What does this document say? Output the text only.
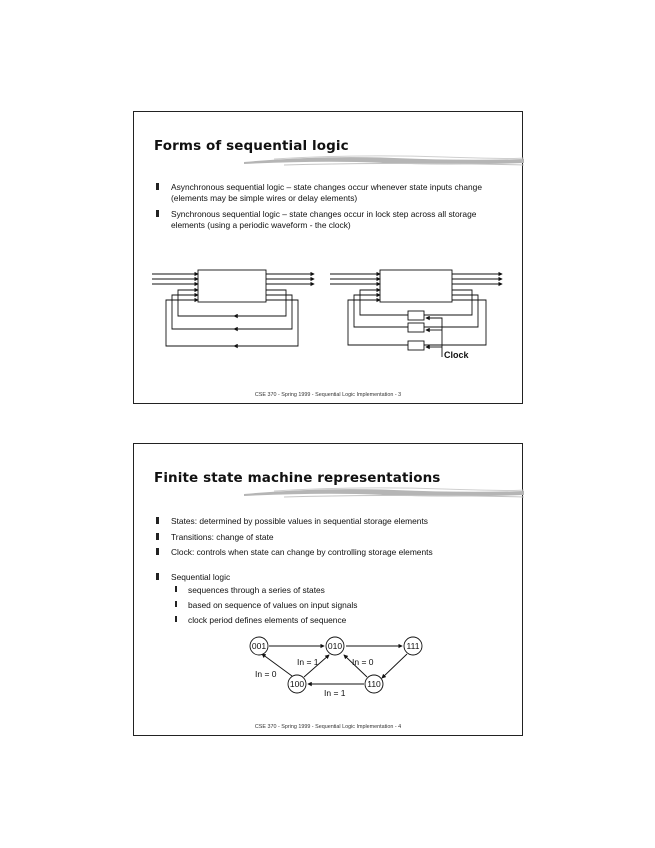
Forms of sequential logic
Asynchronous sequential logic – state changes occur whenever state inputs change (elements may be simple wires or delay elements)
Synchronous sequential logic – state changes occur in lock step across all storage elements (using a periodic waveform - the clock)
Clock
CSE 370 - Spring 1999 - Sequential Logic Implementation - 3
Finite state machine representations
States: determined by possible values in sequential storage elements
Transitions: change of state
Clock: controls when state can change by controlling storage elements
Sequential logic
sequences through a series of states
based on sequence of values on input signals
clock period defines elements of sequence
001	010	111
100	110
In = 1	In = 0
In = 0
In = 1
CSE 370 - Spring 1999 - Sequential Logic Implementation - 4
